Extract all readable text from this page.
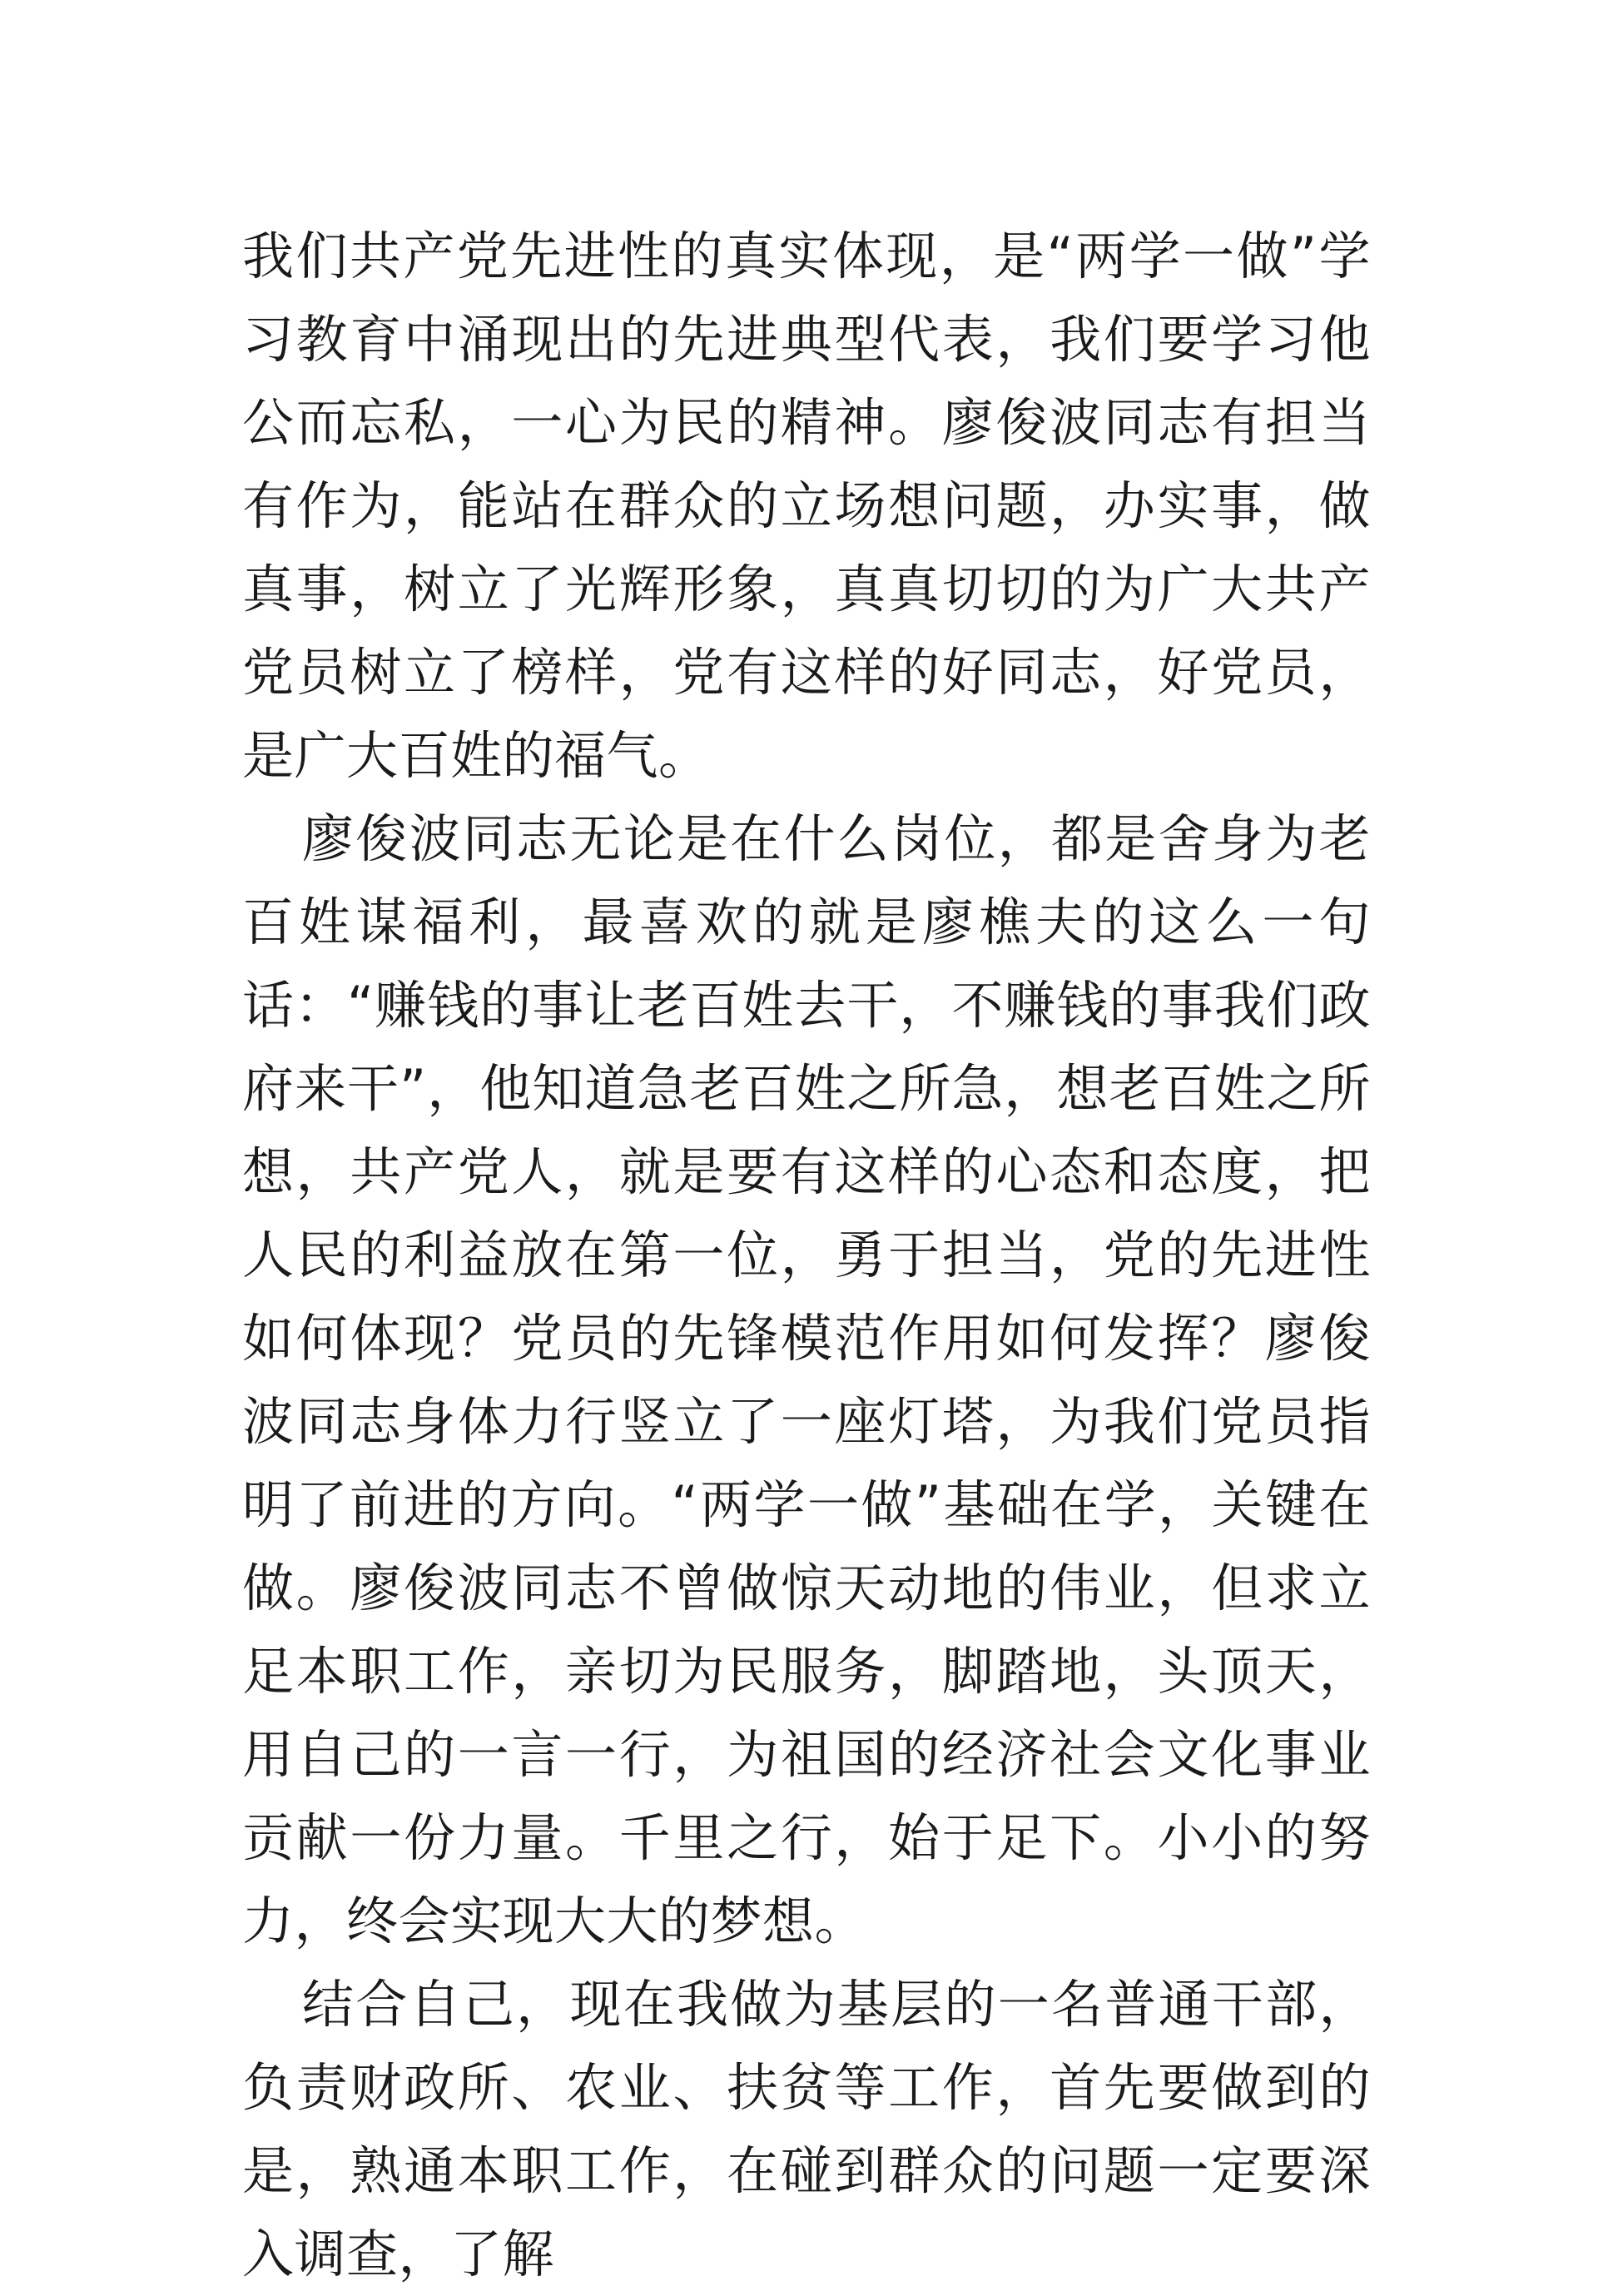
我们共产党先进性的真实体现，是“两学一做”学习教育中涌现出的先进典型代表，我们要学习他公而忘私，一心为民的精神。廖俊波同志有担当有作为，能站在群众的立场想问题，办实事，做真事，树立了光辉形象，真真切切的为广大共产党员树立了榜样，党有这样的好同志，好党员，是广大百姓的福气。

廖俊波同志无论是在什么岗位，都是舍身为老百姓谋福利，最喜欢的就是廖樵夫的这么一句话：“赚钱的事让老百姓去干，不赚钱的事我们政府来干”，他知道急老百姓之所急，想老百姓之所想，共产党人，就是要有这样的心态和态度，把人民的利益放在第一位，勇于担当，党的先进性如何体现？党员的先锋模范作用如何发挥？廖俊波同志身体力行竖立了一座灯塔，为我们党员指明了前进的方向。“两学一做”基础在学，关键在做。廖俊波同志不曾做惊天动地的伟业，但求立足本职工作，亲切为民服务，脚踏地，头顶天，用自己的一言一行，为祖国的经济社会文化事业贡献一份力量。千里之行，始于足下。小小的努力，终会实现大大的梦想。

结合自己，现在我做为基层的一名普通干部，负责财政所、农业、扶贫等工作，首先要做到的是，熟通本职工作，在碰到群众的问题一定要深入调查，了解
